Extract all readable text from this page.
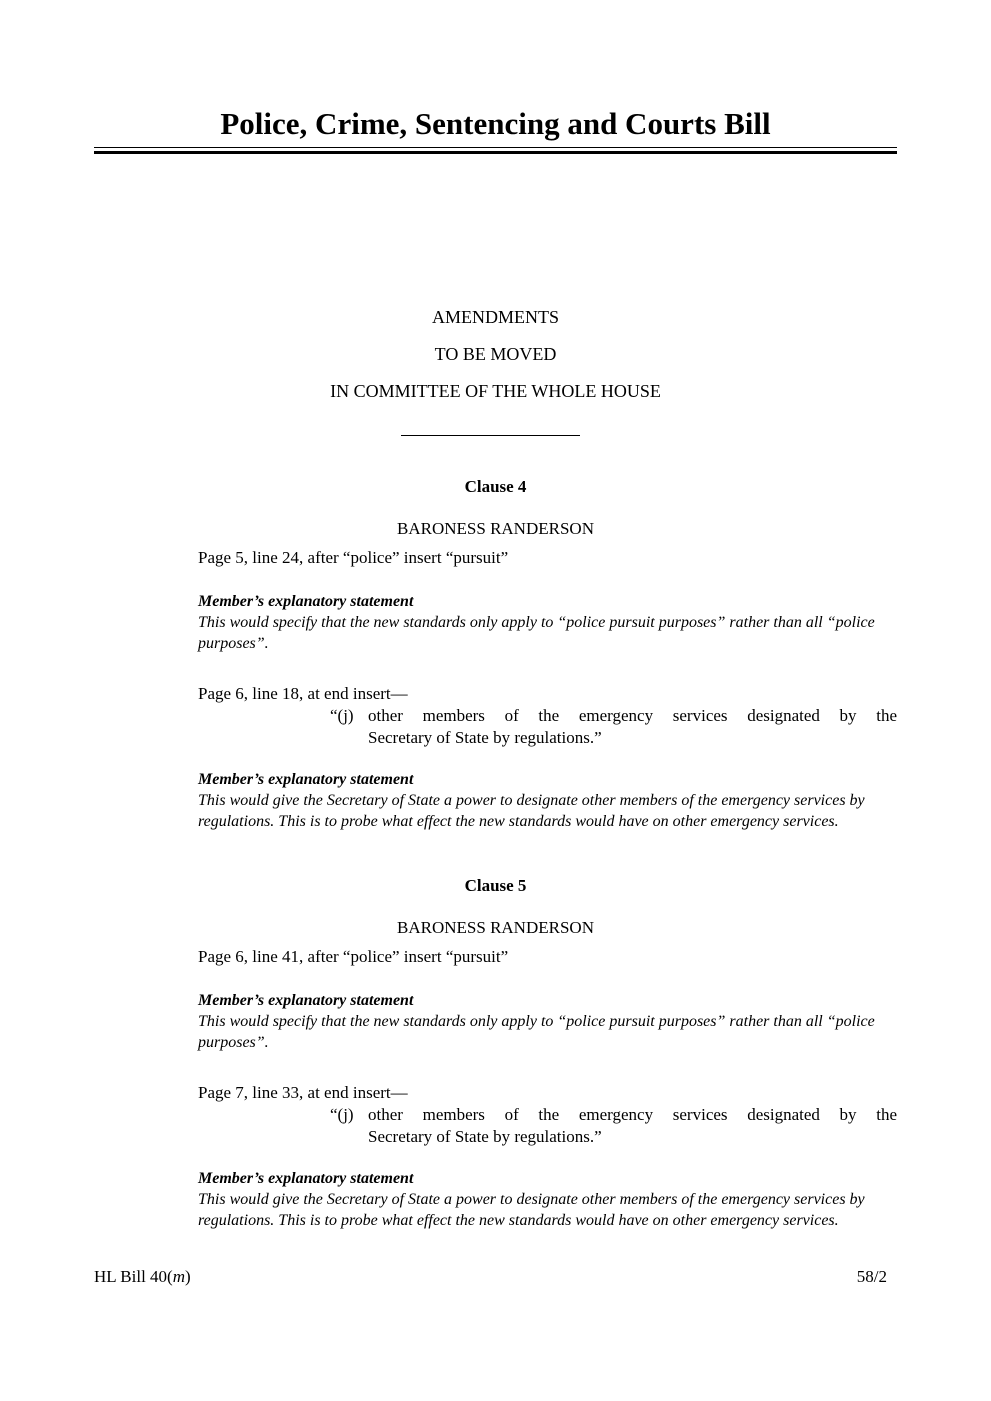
Police, Crime, Sentencing and Courts Bill
AMENDMENTS
TO BE MOVED
IN COMMITTEE OF THE WHOLE HOUSE
Clause 4
BARONESS RANDERSON
Page 5, line 24, after “police” insert “pursuit”
Member’s explanatory statement
This would specify that the new standards only apply to “police pursuit purposes” rather than all “police purposes”.
Page 6, line 18, at end insert—
“(j) other members of the emergency services designated by the
Secretary of State by regulations.”
Member’s explanatory statement
This would give the Secretary of State a power to designate other members of the emergency services by regulations. This is to probe what effect the new standards would have on other emergency services.
Clause 5
BARONESS RANDERSON
Page 6, line 41, after “police” insert “pursuit”
Member’s explanatory statement
This would specify that the new standards only apply to “police pursuit purposes” rather than all “police purposes”.
Page 7, line 33, at end insert—
“(j) other members of the emergency services designated by the
Secretary of State by regulations.”
Member’s explanatory statement
This would give the Secretary of State a power to designate other members of the emergency services by regulations. This is to probe what effect the new standards would have on other emergency services.
HL Bill 40(m)	58/2
